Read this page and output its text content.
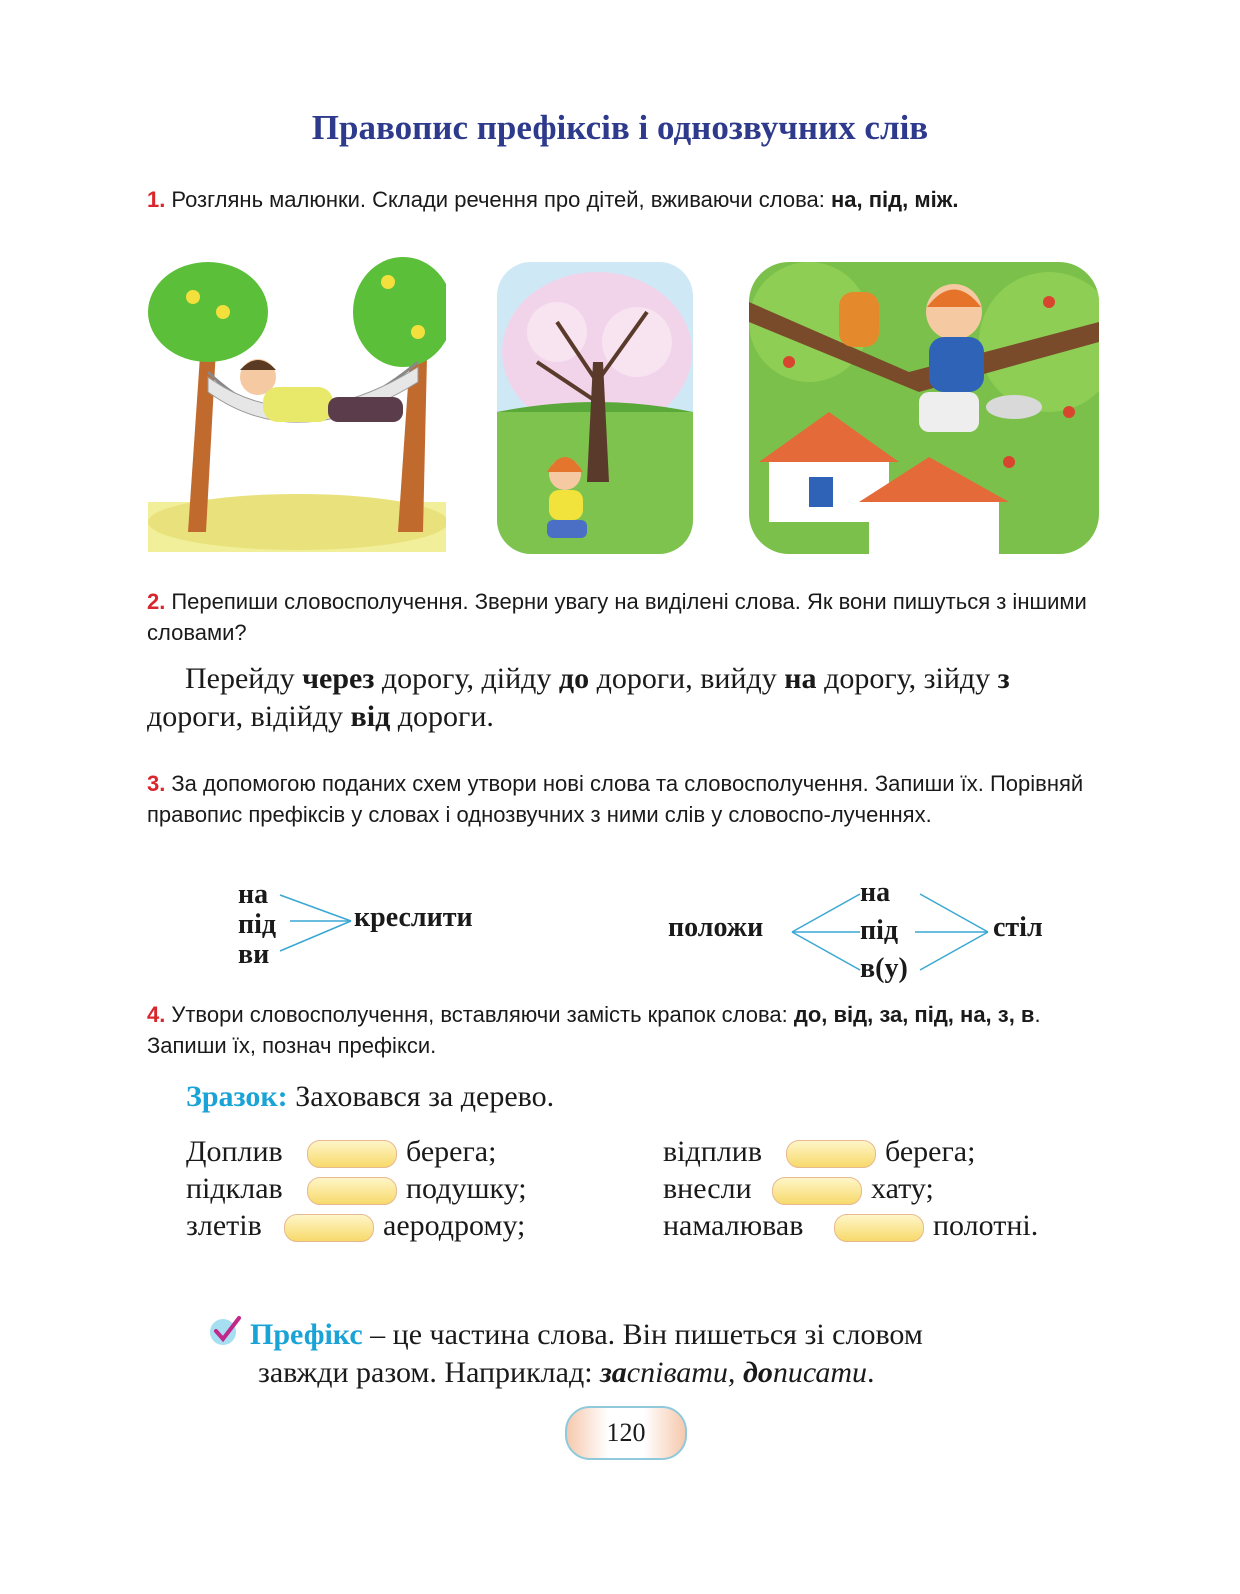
Правопис префіксів і однозвучних слів
1. Розглянь малюнки. Склади речення про дітей, вживаючи слова: на, під, між.
2. Перепиши словосполучення. Зверни увагу на виділені слова. Як вони пишуться з іншими словами?
Перейду через дорогу, дійду до дороги, вийду на дорогу, зійду з дороги, відійду від дороги.
3. За допомогою поданих схем утвори нові слова та словосполучення. Запиши їх. Порівняй правопис префіксів у словах і однозвучних з ними слів у словоспо-лученнях.
на
під
ви
креслити	положи
на
під
в(у)
стіл
4. Утвори словосполучення, вставляючи замість крапок слова: до, від, за, під, на, з, в. Запиши їх, познач префікси.
Зразок: Заховався за дерево.
Доплив	берега;
підклав	подушку;
злетів	аеродрому;
відплив	берега;
внесли	хату;
намалював	полотні.
Префікс – це частина слова. Він пишеться зі словом
завжди разом. Наприклад: заспівати, дописати.
120
